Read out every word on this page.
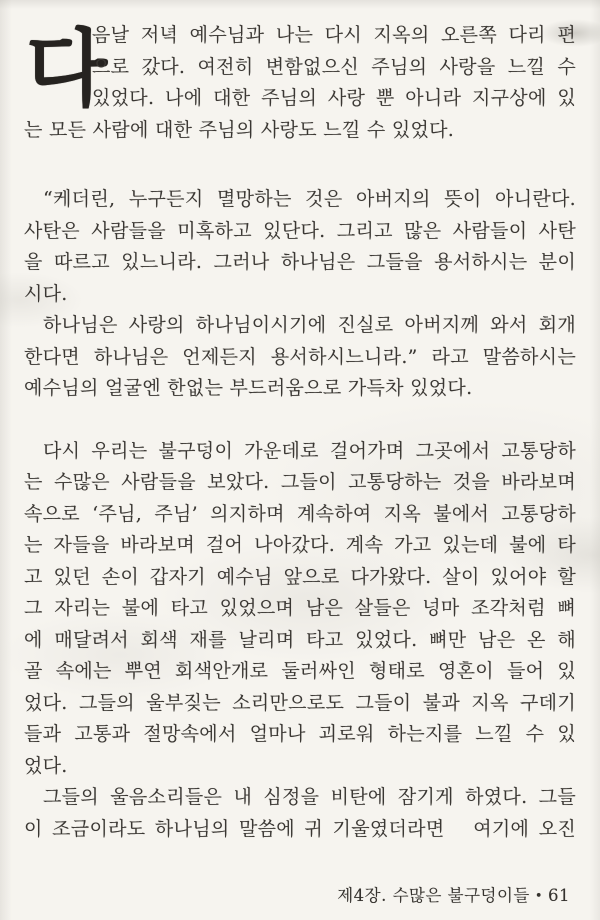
다
음날 저녁 예수님과 나는 다시 지옥의 오른쪽 다리 편
으로 갔다. 여전히 변함없으신 주님의 사랑을 느낄 수
있었다. 나에 대한 주님의 사랑 뿐 아니라 지구상에 있
는 모든 사람에 대한 주님의 사랑도 느낄 수 있었다.
“케더린, 누구든지 멸망하는 것은 아버지의 뜻이 아니란다.
사탄은 사람들을 미혹하고 있단다. 그리고 많은 사람들이 사탄
을 따르고 있느니라. 그러나 하나님은 그들을 용서하시는 분이
시다.
하나님은 사랑의 하나님이시기에 진실로 아버지께 와서 회개
한다면 하나님은 언제든지 용서하시느니라.” 라고 말씀하시는
예수님의 얼굴엔 한없는 부드러움으로 가득차 있었다.
다시 우리는 불구덩이 가운데로 걸어가며 그곳에서 고통당하
는 수많은 사람들을 보았다. 그들이 고통당하는 것을 바라보며
속으로 ‘주님, 주님’ 의지하며 계속하여 지옥 불에서 고통당하
는 자들을 바라보며 걸어 나아갔다. 계속 가고 있는데 불에 타
고 있던 손이 갑자기 예수님 앞으로 다가왔다. 살이 있어야 할
그 자리는 불에 타고 있었으며 남은 살들은 넝마 조각처럼 뼈
에 매달려서 회색 재를 날리며 타고 있었다. 뼈만 남은 온 해
골 속에는 뿌연 회색안개로 둘러싸인 형태로 영혼이 들어 있
었다. 그들의 울부짖는 소리만으로도 그들이 불과 지옥 구데기
들과 고통과 절망속에서 얼마나 괴로워 하는지를 느낄 수 있
었다.
그들의 울음소리들은 내 심정을 비탄에 잠기게 하였다. 그들
이 조금이라도 하나님의 말씀에 귀 기울였더라면  여기에 오진
제4장. 수많은 불구덩이들 • 61
